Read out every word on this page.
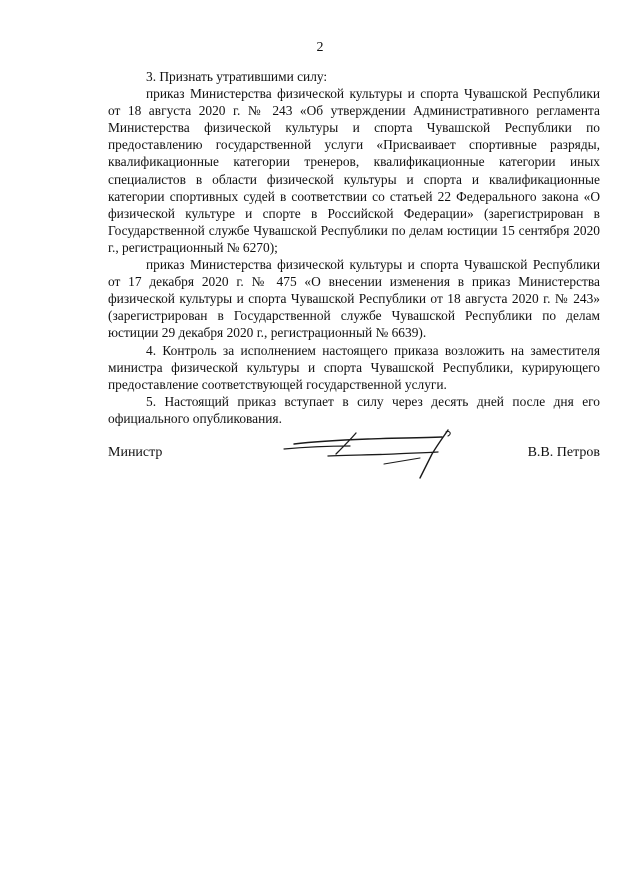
2

3. Признать утратившими силу:

приказ Министерства физической культуры и спорта Чувашской Республики от 18 августа 2020 г. № 243 «Об утверждении Административного регламента Министерства физической культуры и спорта Чувашской Республики по предоставлению государственной услуги «Присваивает спортивные разряды, квалификационные категории тренеров, квалификационные категории иных специалистов в области физической культуры и спорта и квалификационные категории спортивных судей в соответствии со статьей 22 Федерального закона «О физической культуре и спорте в Российской Федерации» (зарегистрирован в Государственной службе Чувашской Республики по делам юстиции 15 сентября 2020 г., регистрационный № 6270);

приказ Министерства физической культуры и спорта Чувашской Республики от 17 декабря 2020 г. № 475 «О внесении изменения в приказ Министерства физической культуры и спорта Чувашской Республики от 18 августа 2020 г. № 243» (зарегистрирован в Государственной службе Чувашской Республики по делам юстиции 29 декабря 2020 г., регистрационный № 6639).

4. Контроль за исполнением настоящего приказа возложить на заместителя министра физической культуры и спорта Чувашской Республики, курирующего предоставление соответствующей государственной услуги.

5. Настоящий приказ вступает в силу через десять дней после дня его официального опубликования.

Министр	В.В. Петров
